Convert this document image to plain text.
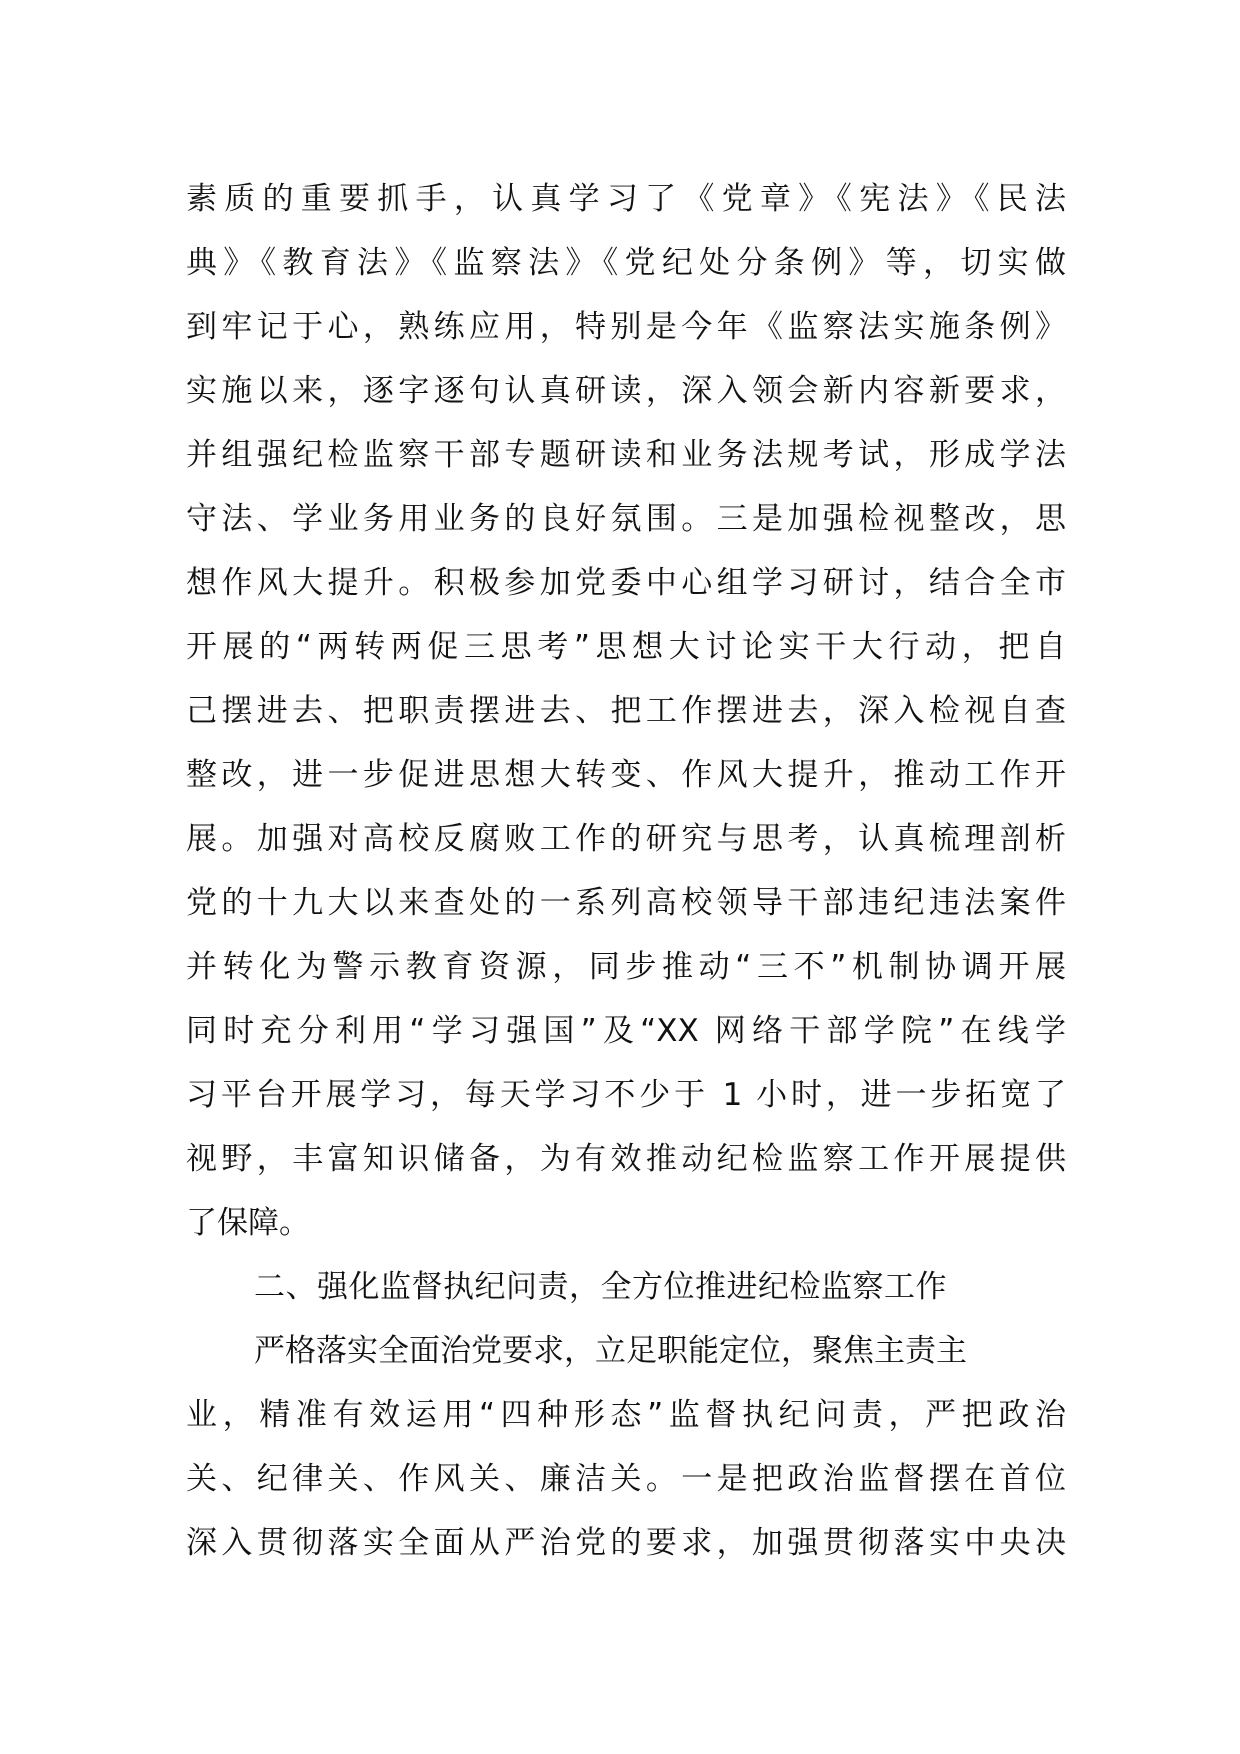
素质的重要抓手，认真学习了《党章》《宪法》《民法
典》《教育法》《监察法》《党纪处分条例》等，切实做
到牢记于心，熟练应用，特别是今年《监察法实施条例》
实施以来，逐字逐句认真研读，深入领会新内容新要求，
并组强纪检监察干部专题研读和业务法规考试，形成学法
守法、学业务用业务的良好氛围。三是加强检视整改，思
想作风大提升。积极参加党委中心组学习研讨，结合全市
开展的“两转两促三思考”思想大讨论实干大行动，把自
己摆进去、把职责摆进去、把工作摆进去，深入检视自查
整改，进一步促进思想大转变、作风大提升，推动工作开
展。加强对高校反腐败工作的研究与思考，认真梳理剖析
党的十九大以来查处的一系列高校领导干部违纪违法案件
并转化为警示教育资源，同步推动“三不”机制协调开展
同时充分利用“学习强国”及“XX 网络干部学院”在线学
习平台开展学习，每天学习不少于 1 小时，进一步拓宽了
视野，丰富知识储备，为有效推动纪检监察工作开展提供
了保障。
二、强化监督执纪问责，全方位推进纪检监察工作
严格落实全面治党要求，立足职能定位，聚焦主责主
业，精准有效运用“四种形态”监督执纪问责，严把政治
关、纪律关、作风关、廉洁关。一是把政治监督摆在首位
深入贯彻落实全面从严治党的要求，加强贯彻落实中央决
